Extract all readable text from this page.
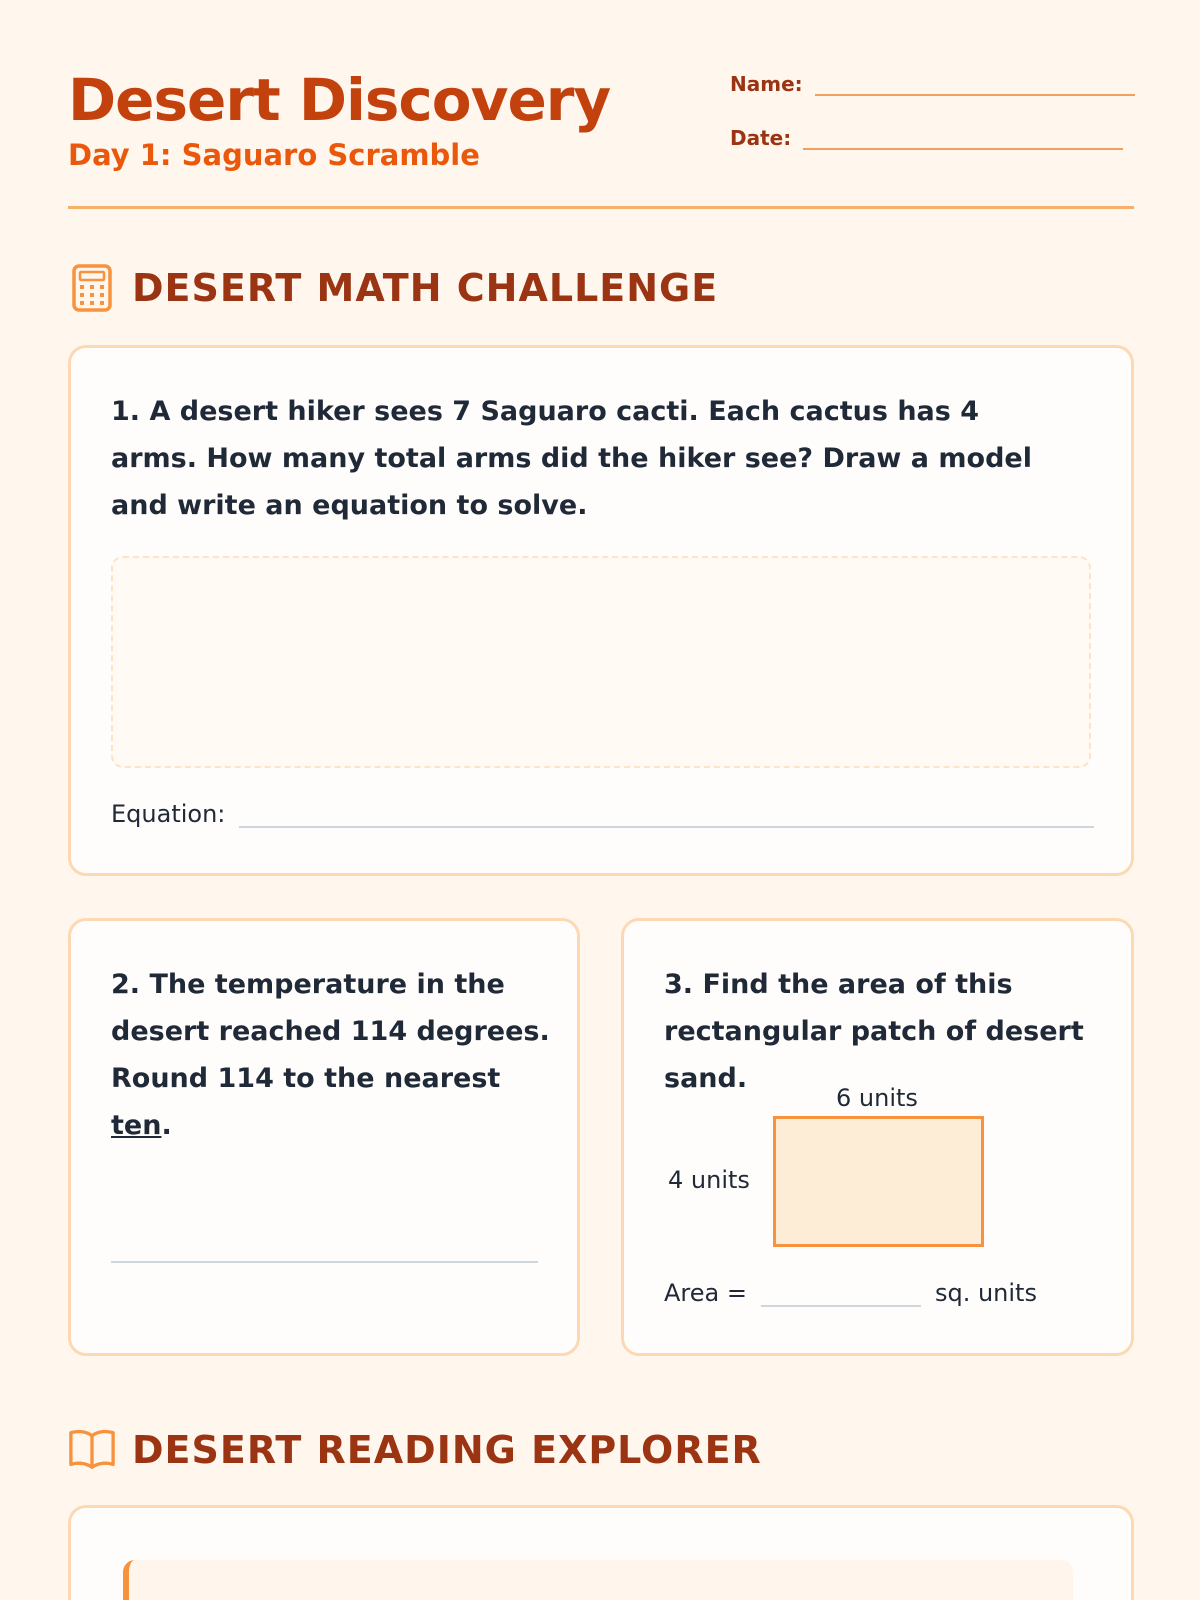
Desert Discovery
Day 1: Saguaro Scramble
Name:
Date:
DESERT MATH CHALLENGE

1. A desert hiker sees 7 Saguaro cacti. Each cactus has 4 arms. How many total arms did the hiker see? Draw a model and write an equation to solve.

Equation:

2. The temperature in the desert reached 114 degrees. Round 114 to the nearest ten.

3. Find the area of this rectangular patch of desert sand.

6 units
4 units
Area =	sq. units
DESERT READING EXPLORER
